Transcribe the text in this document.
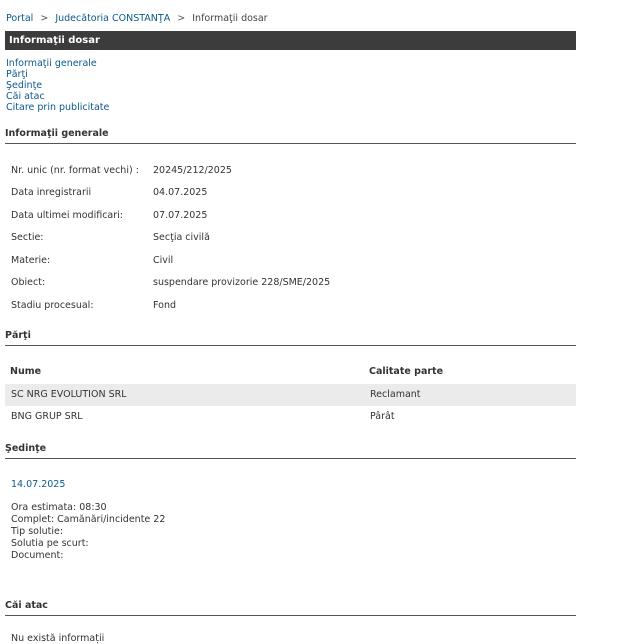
Portal > Judecătoria CONSTANŢA > Informaţii dosar
Informaţii dosar
Informaţii generale
Părţi
Şedinţe
Căi atac
Citare prin publicitate
Informaţii generale
Nr. unic (nr. format vechi) : 20245/212/2025
Data inregistrarii	04.07.2025
Data ultimei modificari:	07.07.2025
Sectie:	Secţia civilă
Materie:	Civil
Obiect:	suspendare provizorie 228/SME/2025
Stadiu procesual:	Fond
Părţi
Nume	Calitate parte
SC NRG EVOLUTION SRL	Reclamant
BNG GRUP SRL	Pârât
Şedinţe
14.07.2025
Ora estimata: 08:30
Complet: Camănări/incidente 22
Tip solutie:
Solutia pe scurt:
Document:
Căi atac
Nu există informații
